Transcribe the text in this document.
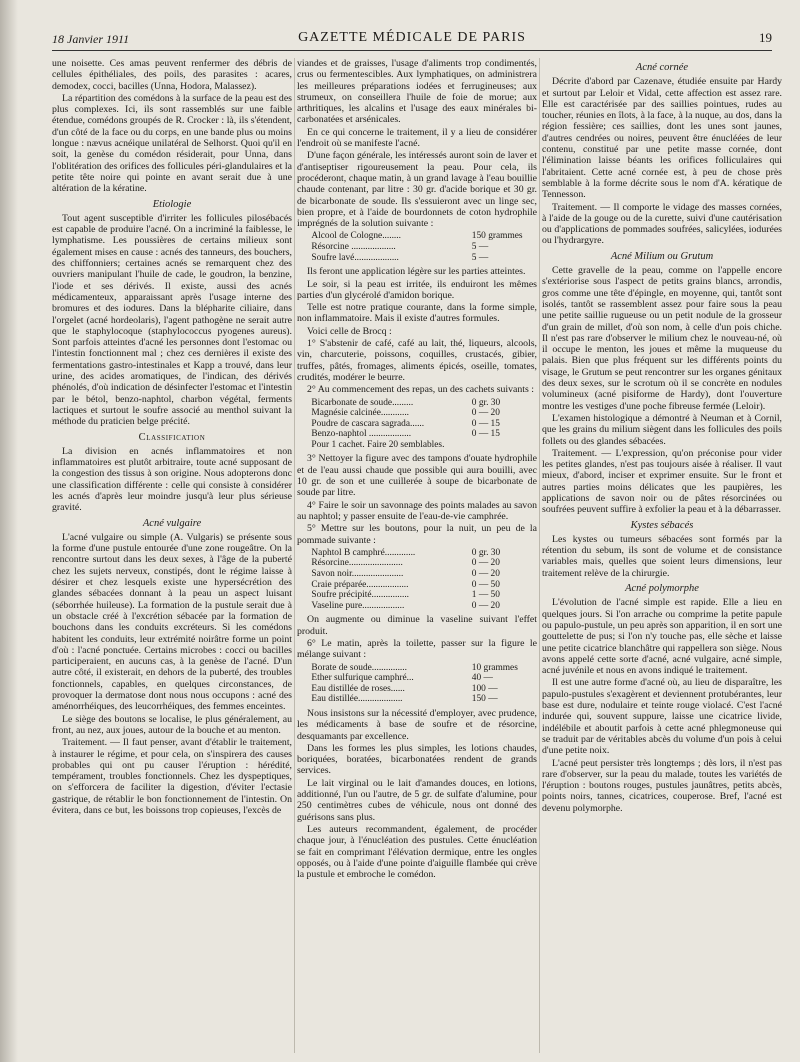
18 Janvier 1911	GAZETTE MÉDICALE DE PARIS	19

une noisette. Ces amas peuvent renfermer des débris de cellules épithéliales, des poils, des parasites : acares, demodex, cocci, bacilles (Unna, Hodora, Malassez).

La répartition des comédons à la surface de la peau est des plus complexes. Ici, ils sont rassemblés sur une faible étendue, comédons groupés de R. Crocker : là, ils s'étendent, d'un côté de la face ou du corps, en une bande plus ou moins longue : nævus acnéique unilatéral de Selhorst. Quoi qu'il en soit, la genèse du comédon résiderait, pour Unna, dans l'oblitération des orifices des follicules péri-glandulaires et la petite tête noire qui pointe en avant serait due à une altération de la kératine.

Etiologie

Tout agent susceptible d'irriter les follicules pilosébacés est capable de produire l'acné. On a incriminé la faiblesse, le lymphatisme. Les poussières de certains milieux sont également mises en cause : acnés des tanneurs, des bouchers, des chiffonniers; certaines acnés se remarquent chez des ouvriers manipulant l'huile de cade, le goudron, la benzine, l'iode et ses dérivés. Il existe, aussi des acnés médicamenteux, apparaissant après l'usage interne des bromures et des iodures. Dans la blépharite ciliaire, dans l'orgelet (acné hordeolaris), l'agent pathogène ne serait autre que le staphylocoque (staphylococcus pyogenes aureus). Sont parfois atteintes d'acné les personnes dont l'estomac ou l'intestin fonctionnent mal ; chez ces dernières il existe des fermentations gastro-intestinales et Kapp a trouvé, dans leur urine, des acides aromatiques, de l'indican, des dérivés phénolés, d'où indication de désinfecter l'estomac et l'intestin par le bétol, benzo-naphtol, charbon végétal, ferments lactiques et surtout le soufre associé au menthol suivant la méthode du praticien belge précité.

Classification

La division en acnés inflammatoires et non inflammatoires est plutôt arbitraire, toute acné supposant de la congestion des tissus à son origine. Nous adopterons donc une classification différente : celle qui consiste à considérer les acnés d'après leur moindre jusqu'à leur plus sérieuse gravité.

Acné vulgaire

L'acné vulgaire ou simple (A. Vulgaris) se présente sous la forme d'une pustule entourée d'une zone rougeâtre. On la rencontre surtout dans les deux sexes, à l'âge de la puberté chez les sujets nerveux, constipés, dont le régime laisse à désirer et chez lesquels existe une hypersécrétion des glandes sébacées donnant à la peau un aspect luisant (séborrhée huileuse). La formation de la pustule serait due à un obstacle créé à l'excrétion sébacée par la formation de bouchons dans les conduits excréteurs. Si les comédons habitent les conduits, leur extrémité noirâtre forme un point d'où : l'acné ponctuée. Certains microbes : cocci ou bacilles participeraient, en aucuns cas, à la genèse de l'acné. D'un autre côté, il existerait, en dehors de la puberté, des troubles fonctionnels, capables, en quelques circonstances, de provoquer la dermatose dont nous nous occupons : acné des aménorrhéiques, des leucorrhéiques, des femmes enceintes.

Le siège des boutons se localise, le plus généralement, au front, au nez, aux joues, autour de la bouche et au menton.

Traitement. — Il faut penser, avant d'établir le traitement, à instaurer le régime, et pour cela, on s'inspirera des causes probables qui ont pu causer l'éruption : hérédité, tempérament, troubles fonctionnels. Chez les dyspeptiques, on s'efforcera de faciliter la digestion, d'éviter l'ectasie gastrique, de rétablir le bon fonctionnement de l'intestin. On évitera, dans ce but, les boissons trop copieuses, l'excès de

viandes et de graisses, l'usage d'aliments trop condimentés, crus ou fermentescibles. Aux lymphatiques, on administrera les meilleures préparations iodées et ferrugineuses; aux strumeux, on conseillera l'huile de foie de morue; aux arthritiques, les alcalins et l'usage des eaux minérales bi-carbonatées et arsénicales.

En ce qui concerne le traitement, il y a lieu de considérer l'endroit où se manifeste l'acné.

D'une façon générale, les intéressés auront soin de laver et d'antiseptiser rigoureusement la peau. Pour cela, ils procéderont, chaque matin, à un grand lavage à l'eau bouillie chaude contenant, par litre : 30 gr. d'acide borique et 30 gr. de bicarbonate de soude. Ils s'essuieront avec un linge sec, bien propre, et à l'aide de bourdonnets de coton hydrophile imprégnés de la solution suivante :

Alcool de Cologne........	150 grammes
Résorcine ...................	5 —
Soufre lavé...................	5 —

Ils feront une application légère sur les parties atteintes.

Le soir, si la peau est irritée, ils enduiront les mêmes parties d'un glycérolé d'amidon borique.

Telle est notre pratique courante, dans la forme simple, non inflammatoire. Mais il existe d'autres formules.

Voici celle de Brocq :

1° S'abstenir de café, café au lait, thé, liqueurs, alcools, vin, charcuterie, poissons, coquilles, crustacés, gibier, truffes, pâtés, fromages, aliments épicés, oseille, tomates, crudités, modérer le beurre.

2° Au commencement des repas, un des cachets suivants :

Bicarbonate de soude.........	0 gr. 30
Magnésie calcinée............	0 — 20
Poudre de cascara sagrada......	0 — 15
Benzo-naphtol ..................	0 — 15
Pour 1 cachet. Faire 20 semblables.	

3° Nettoyer la figure avec des tampons d'ouate hydrophile et de l'eau aussi chaude que possible qui aura bouilli, avec 10 gr. de son et une cuillerée à soupe de bicarbonate de soude par litre.

4° Faire le soir un savonnage des points malades au savon au naphtol; y passer ensuite de l'eau-de-vie camphrée.

5° Mettre sur les boutons, pour la nuit, un peu de la pommade suivante :

Naphtol B camphré.............	0 gr. 30
Résorcine.......................	0 — 20
Savon noir......................	0 — 20
Craie préparée..................	0 — 50
Soufre précipité................	1 — 50
Vaseline pure..................	0 — 20

On augmente ou diminue la vaseline suivant l'effet produit.

6° Le matin, après la toilette, passer sur la figure le mélange suivant :

Borate de soude...............	10 grammes
Ether sulfurique camphré...	40 —
Eau distillée de roses......	100 —
Eau distillée...................	150 —

Nous insistons sur la nécessité d'employer, avec prudence, les médicaments à base de soufre et de résorcine, desquamants par excellence.

Dans les formes les plus simples, les lotions chaudes, boriquées, boratées, bicarbonatées rendent de grands services.

Le lait virginal ou le lait d'amandes douces, en lotions, additionné, l'un ou l'autre, de 5 gr. de sulfate d'alumine, pour 250 centimètres cubes de véhicule, nous ont donné des guérisons sans plus.

Les auteurs recommandent, également, de procéder chaque jour, à l'énucléation des pustules. Cette énucléation se fait en comprimant l'élévation dermique, entre les ongles opposés, ou à l'aide d'une pointe d'aiguille flambée qui crève la pustule et embroche le comédon.

Acné cornée

Décrite d'abord par Cazenave, étudiée ensuite par Hardy et surtout par Leloir et Vidal, cette affection est assez rare. Elle est caractérisée par des saillies pointues, rudes au toucher, réunies en îlots, à la face, à la nuque, au dos, dans la région fessière; ces saillies, dont les unes sont jaunes, d'autres cendrées ou noires, peuvent être énucléées de leur contenu, constitué par une petite masse cornée, dont l'élimination laisse béants les orifices folliculaires qui l'abritaient. Cette acné cornée est, à peu de chose près semblable à la forme décrite sous le nom d'A. kératique de Tennesson.

Traitement. — Il comporte le vidage des masses cornées, à l'aide de la gouge ou de la curette, suivi d'une cautérisation ou d'applications de pommades soufrées, salicylées, iodurées ou l'hydrargyre.

Acné Milium ou Grutum

Cette gravelle de la peau, comme on l'appelle encore s'extériorise sous l'aspect de petits grains blancs, arrondis, gros comme une tête d'épingle, en moyenne, qui, tantôt sont isolés, tantôt se rassemblent assez pour faire sous la peau une petite saillie rugueuse ou un petit nodule de la grosseur d'un grain de millet, d'où son nom, à celle d'un pois chiche. Il n'est pas rare d'observer le milium chez le nouveau-né, où il occupe le menton, les joues et même la muqueuse du palais. Bien que plus fréquent sur les différents points du visage, le Grutum se peut rencontrer sur les organes génitaux des deux sexes, sur le scrotum où il se concrète en nodules volumineux (acné pisiforme de Hardy), dont l'ouverture montre les vestiges d'une poche fibreuse fermée (Leloir).

L'examen histologique a démontré à Neuman et à Cornil, que les grains du milium siègent dans les follicules des poils follets ou des glandes sébacées.

Traitement. — L'expression, qu'on préconise pour vider les petites glandes, n'est pas toujours aisée à réaliser. Il vaut mieux, d'abord, inciser et exprimer ensuite. Sur le front et autres parties moins délicates que les paupières, les applications de savon noir ou de pâtes résorcinées ou soufrées peuvent suffire à exfolier la peau et à la débarrasser.

Kystes sébacés

Les kystes ou tumeurs sébacées sont formés par la rétention du sebum, ils sont de volume et de consistance variables mais, quelles que soient leurs dimensions, leur traitement relève de la chirurgie.

Acné polymorphe

L'évolution de l'acné simple est rapide. Elle a lieu en quelques jours. Si l'on arrache ou comprime la petite papule ou papulo-pustule, un peu après son apparition, il en sort une gouttelette de pus; si l'on n'y touche pas, elle sèche et laisse une petite cicatrice blanchâtre qui rappellera son siège. Nous avons appelé cette sorte d'acné, acné vulgaire, acné simple, acné juvénile et nous en avons indiqué le traitement.

Il est une autre forme d'acné où, au lieu de disparaître, les papulo-pustules s'exagèrent et deviennent protubérantes, leur base est dure, nodulaire et teinte rouge violacé. C'est l'acné indurée qui, souvent suppure, laisse une cicatrice livide, indélébile et aboutit parfois à cette acné phlegmoneuse qui se traduit par de véritables abcès du volume d'un pois à celui d'une petite noix.

L'acné peut persister très longtemps ; dès lors, il n'est pas rare d'observer, sur la peau du malade, toutes les variétés de l'éruption : boutons rouges, pustules jaunâtres, petits abcès, points noirs, tannes, cicatrices, couperose. Bref, l'acné est devenu polymorphe.
